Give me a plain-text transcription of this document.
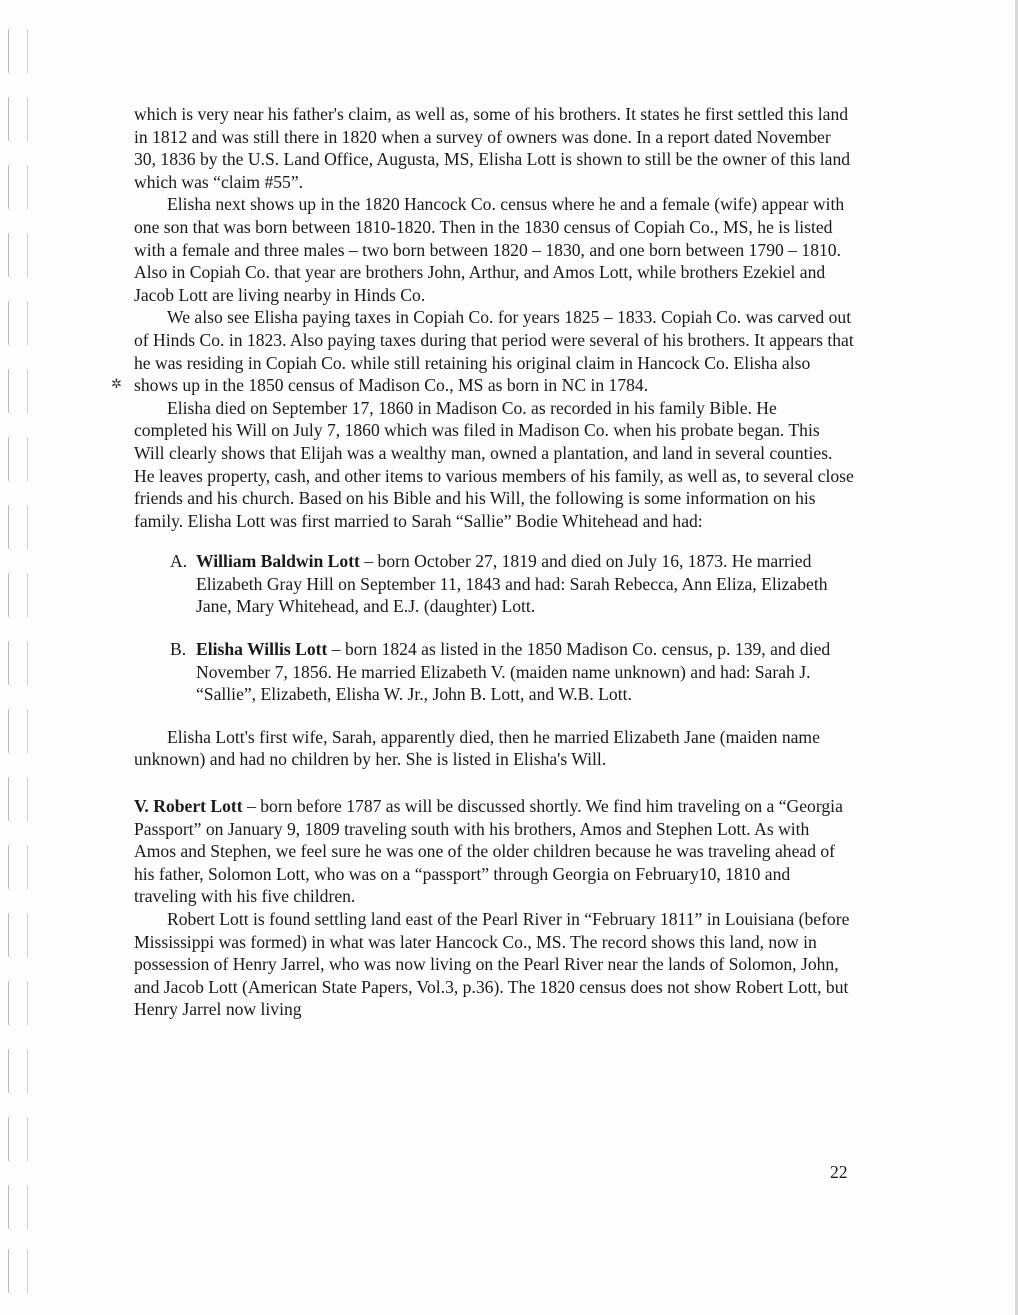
✲

which is very near his father's claim, as well as, some of his brothers. It states he first settled this land in 1812 and was still there in 1820 when a survey of owners was done. In a report dated November 30, 1836 by the U.S. Land Office, Augusta, MS, Elisha Lott is shown to still be the owner of this land which was “claim #55”.

Elisha next shows up in the 1820 Hancock Co. census where he and a female (wife) appear with one son that was born between 1810-1820. Then in the 1830 census of Copiah Co., MS, he is listed with a female and three males – two born between 1820 – 1830, and one born between 1790 – 1810. Also in Copiah Co. that year are brothers John, Arthur, and Amos Lott, while brothers Ezekiel and Jacob Lott are living nearby in Hinds Co.

We also see Elisha paying taxes in Copiah Co. for years 1825 – 1833. Copiah Co. was carved out of Hinds Co. in 1823. Also paying taxes during that period were several of his brothers. It appears that he was residing in Copiah Co. while still retaining his original claim in Hancock Co. Elisha also shows up in the 1850 census of Madison Co., MS as born in NC in 1784.

Elisha died on September 17, 1860 in Madison Co. as recorded in his family Bible. He completed his Will on July 7, 1860 which was filed in Madison Co. when his probate began. This Will clearly shows that Elijah was a wealthy man, owned a plantation, and land in several counties. He leaves property, cash, and other items to various members of his family, as well as, to several close friends and his church. Based on his Bible and his Will, the following is some information on his family. Elisha Lott was first married to Sarah “Sallie” Bodie Whitehead and had:

A. William Baldwin Lott – born October 27, 1819 and died on July 16, 1873. He married Elizabeth Gray Hill on September 11, 1843 and had: Sarah Rebecca, Ann Eliza, Elizabeth Jane, Mary Whitehead, and E.J. (daughter) Lott.
B. Elisha Willis Lott – born 1824 as listed in the 1850 Madison Co. census, p. 139, and died November 7, 1856. He married Elizabeth V. (maiden name unknown) and had: Sarah J. “Sallie”, Elizabeth, Elisha W. Jr., John B. Lott, and W.B. Lott.

Elisha Lott's first wife, Sarah, apparently died, then he married Elizabeth Jane (maiden name unknown) and had no children by her. She is listed in Elisha's Will.

V. Robert Lott – born before 1787 as will be discussed shortly. We find him traveling on a “Georgia Passport” on January 9, 1809 traveling south with his brothers, Amos and Stephen Lott. As with Amos and Stephen, we feel sure he was one of the older children because he was traveling ahead of his father, Solomon Lott, who was on a “passport” through Georgia on February10, 1810 and traveling with his five children.

Robert Lott is found settling land east of the Pearl River in “February 1811” in Louisiana (before Mississippi was formed) in what was later Hancock Co., MS. The record shows this land, now in possession of Henry Jarrel, who was now living on the Pearl River near the lands of Solomon, John, and Jacob Lott (American State Papers, Vol.3, p.36). The 1820 census does not show Robert Lott, but Henry Jarrel now living

22
